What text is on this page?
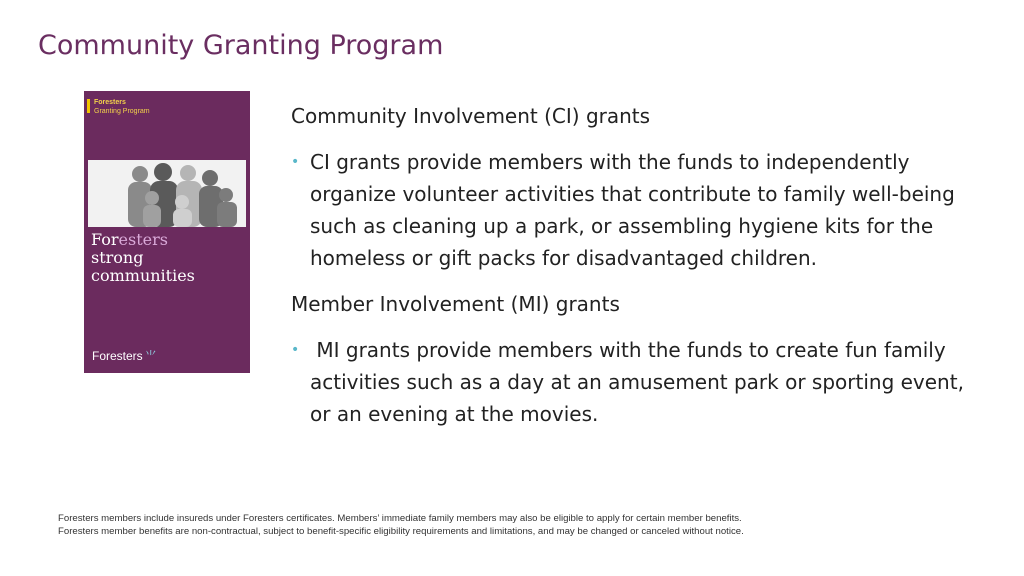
Community Granting Program
Foresters
Granting Program
Foresters
strong
communities
Foresters ⺌

Community Involvement (CI) grants

• CI grants provide members with the funds to independently organize volunteer activities that contribute to family well-being such as cleaning up a park, or assembling hygiene kits for the homeless or gift packs for disadvantaged children.

Member Involvement (MI) grants

• MI grants provide members with the funds to create fun family activities such as a day at an amusement park or sporting event, or an evening at the movies.
Foresters members include insureds under Foresters certificates. Members’ immediate family members may also be eligible to apply for certain member benefits.
Foresters member benefits are non-contractual, subject to benefit-specific eligibility requirements and limitations, and may be changed or canceled without notice.
